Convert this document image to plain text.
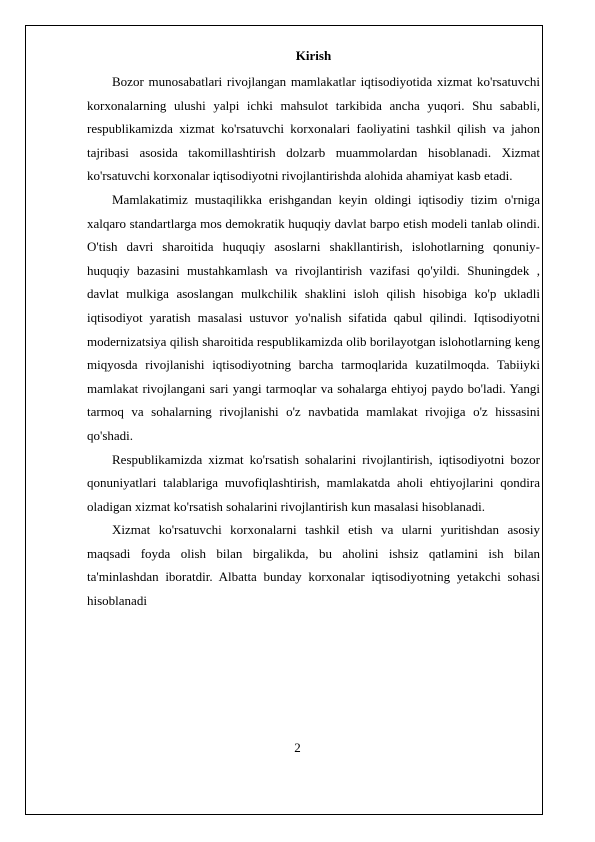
Kirish

Bozor munosabatlari rivojlangan mamlakatlar iqtisodiyotida xizmat ko'rsatuvchi korxonalarning ulushi yalpi ichki mahsulot tarkibida ancha yuqori. Shu sababli, respublikamizda xizmat ko'rsatuvchi korxonalari faoliyatini tashkil qilish va jahon tajribasi asosida takomillashtirish dolzarb muammolardan hisoblanadi. Xizmat ko'rsatuvchi korxonalar iqtisodiyotni rivojlantirishda alohida ahamiyat kasb etadi.

Mamlakatimiz mustaqilikka erishgandan keyin oldingi iqtisodiy tizim o'rniga xalqaro standartlarga mos demokratik huquqiy davlat barpo etish modeli tanlab olindi. O'tish davri sharoitida huquqiy asoslarni shakllantirish, islohotlarning qonuniy-huquqiy bazasini mustahkamlash va rivojlantirish vazifasi qo'yildi. Shuningdek , davlat mulkiga asoslangan mulkchilik shaklini isloh qilish hisobiga ko'p ukladli iqtisodiyot yaratish masalasi ustuvor yo'nalish sifatida qabul qilindi. Iqtisodiyotni modernizatsiya qilish sharoitida respublikamizda olib borilayotgan islohotlarning keng miqyosda rivojlanishi iqtisodiyotning barcha tarmoqlarida kuzatilmoqda. Tabiiyki mamlakat rivojlangani sari yangi tarmoqlar va sohalarga ehtiyoj paydo bo'ladi. Yangi tarmoq va sohalarning rivojlanishi o'z navbatida mamlakat rivojiga o'z hissasini qo'shadi.

Respublikamizda xizmat ko'rsatish sohalarini rivojlantirish, iqtisodiyotni bozor qonuniyatlari talablariga muvofiqlashtirish, mamlakatda aholi ehtiyojlarini qondira oladigan xizmat ko'rsatish sohalarini rivojlantirish kun masalasi hisoblanadi.

Xizmat ko'rsatuvchi korxonalarni tashkil etish va ularni yuritishdan asosiy maqsadi foyda olish bilan birgalikda, bu aholini ishsiz qatlamini ish bilan ta'minlashdan iboratdir. Albatta bunday korxonalar iqtisodiyotning yetakchi sohasi hisoblanadi

2
